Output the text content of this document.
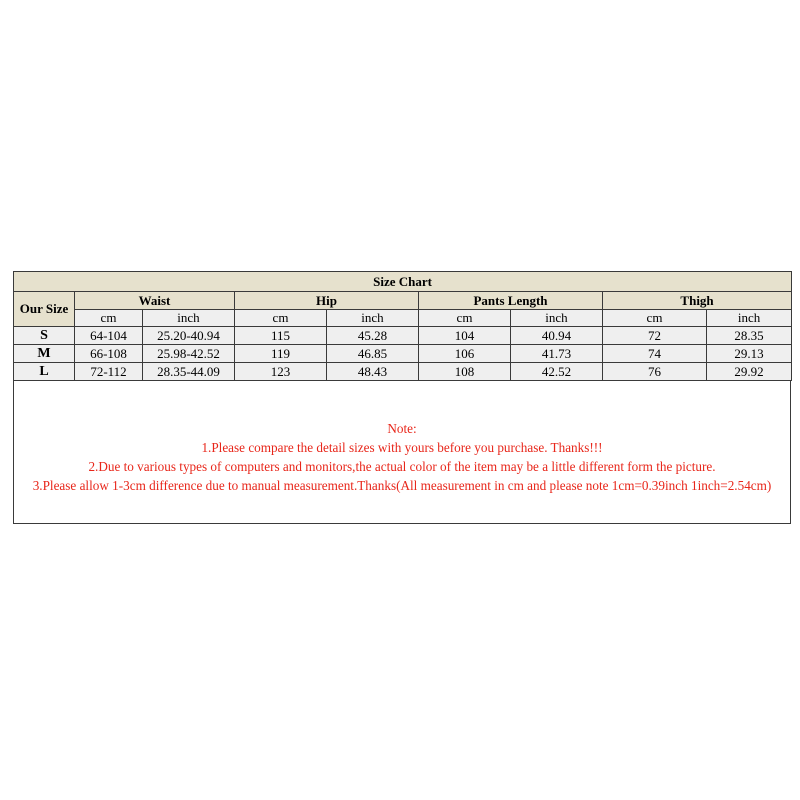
Size Chart								
Our Size	Waist		Hip		Pants Length		Thigh	
	cm	inch	cm	inch	cm	inch	cm	inch
S	64-104	25.20-40.94	115	45.28	104	40.94	72	28.35
M	66-108	25.98-42.52	119	46.85	106	41.73	74	29.13
L	72-112	28.35-44.09	123	48.43	108	42.52	76	29.92
Note:
1.Please compare the detail sizes with yours before you purchase. Thanks!!!
2.Due to various types of computers and monitors,the actual color of the item may be a little different form the picture.
3.Please allow 1-3cm difference due to manual measurement.Thanks(All measurement in cm and please note 1cm=0.39inch 1inch=2.54cm)
